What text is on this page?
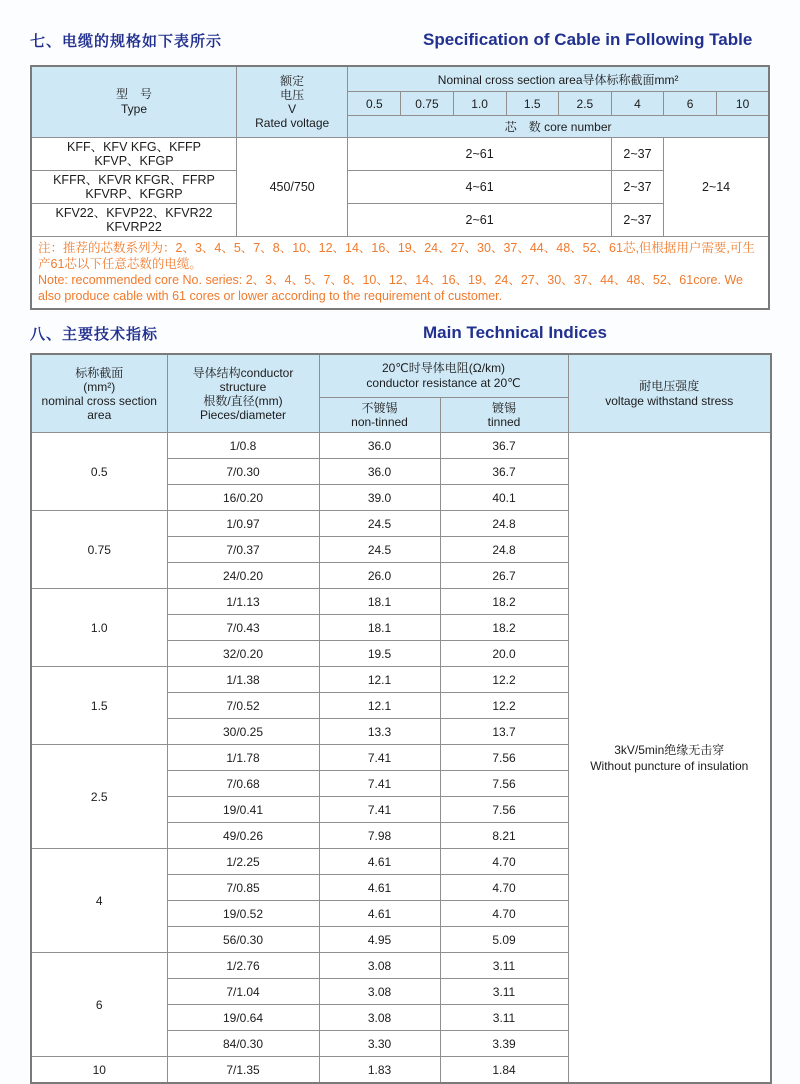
七、电缆的规格如下表所示	Specification of Cable in Following Table
型　号
Type

额定
电压
V
Rated voltage
	Nominal cross section area导体标称截面mm²
		0.5	0.75	1.0	1.5	2.5	4	6	10
		芯　数 core number							

KFF、KFV KFG、KFFP
KFVP、KFGP	450/750	2~61					2~37	2~14	

KFFR、KFVR KFGR、FFRP
KFVRP、KFGRP		4~61					2~37		

KFV22、KFVP22、KFVR22
KFVRP22		2~61					2~37		

注：推荐的芯数系列为：2、3、4、5、7、8、10、12、14、16、19、24、27、30、37、44、48、52、61芯,但根据用户需要,可生产61芯以下任意芯数的电缆。
Note: recommended core No. series: 2、3、4、5、7、8、10、12、14、16、19、24、27、30、37、44、48、52、61core. We also produce cable with 61 cores or lower according to the requirement of customer.									
八、主要技术指标	Main Technical Indices
标称截面
(mm²)
nominal cross section
area

导体结构conductor
structure
根数/直径(mm)
Pieces/diameter

20℃时导体电阻(Ω/km)
conductor resistance at 20℃	耐电压强度
voltage withstand stress

不镀锡
non-tinned

镀锡
tinned

0.5	1/0.8	36.0	36.7	3kV/5min绝缘无击穿
Without puncture of insulation

	7/0.30	36.0	36.7	
	16/0.20	39.0	40.1	
0.75	1/0.97	24.5	24.8	
	7/0.37	24.5	24.8	
	24/0.20	26.0	26.7	
1.0	1/1.13	18.1	18.2	
	7/0.43	18.1	18.2	
	32/0.20	19.5	20.0	
1.5	1/1.38	12.1	12.2	
	7/0.52	12.1	12.2	
	30/0.25	13.3	13.7	
2.5	1/1.78	7.41	7.56	
	7/0.68	7.41	7.56	
	19/0.41	7.41	7.56	
	49/0.26	7.98	8.21	
4	1/2.25	4.61	4.70	
	7/0.85	4.61	4.70	
	19/0.52	4.61	4.70	
	56/0.30	4.95	5.09	
6	1/2.76	3.08	3.11	
	7/1.04	3.08	3.11	
	19/0.64	3.08	3.11	
	84/0.30	3.30	3.39	
10	7/1.35	1.83	1.84	
